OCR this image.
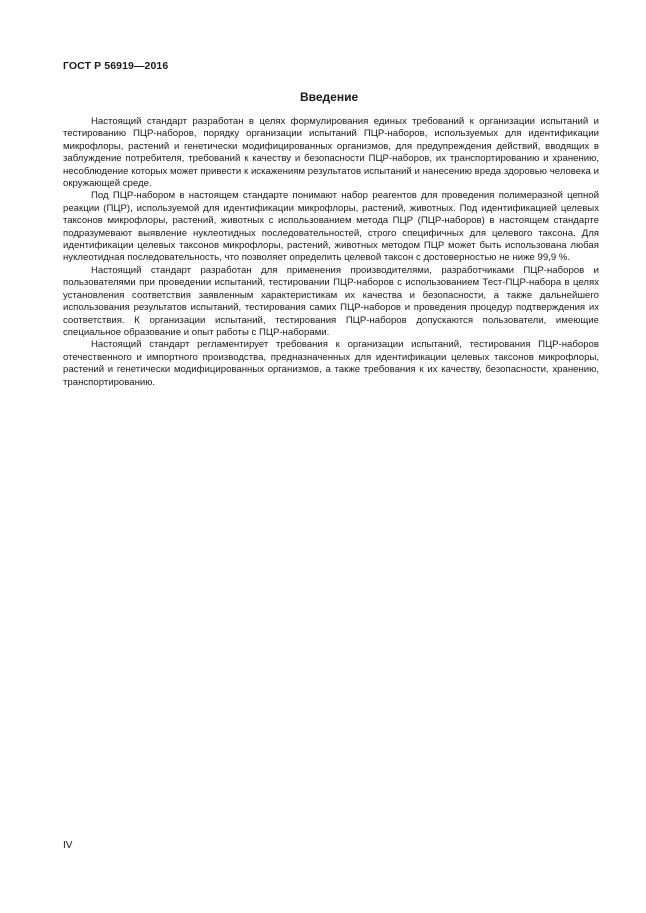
ГОСТ Р 56919—2016
Введение

Настоящий стандарт разработан в целях формулирования единых требований к организации испытаний и тестированию ПЦР-наборов, порядку организации испытаний ПЦР-наборов, используемых для идентификации микрофлоры, растений и генетически модифицированных организмов, для предупреждения действий, вводящих в заблуждение потребителя, требований к качеству и безопасности ПЦР-наборов, их транспортированию и хранению, несоблюдение которых может привести к искажениям результатов испытаний и нанесению вреда здоровью человека и окружающей среде.

Под ПЦР-набором в настоящем стандарте понимают набор реагентов для проведения полимеразной цепной реакции (ПЦР), используемой для идентификации микрофлоры, растений, животных. Под идентификацией целевых таксонов микрофлоры, растений, животных с использованием метода ПЦР (ПЦР-наборов) в настоящем стандарте подразумевают выявление нуклеотидных последовательностей, строго специфичных для целевого таксона. Для идентификации целевых таксонов микрофлоры, растений, животных методом ПЦР может быть использована любая нуклеотидная последовательность, что позволяет определить целевой таксон с достоверностью не ниже 99,9 %.

Настоящий стандарт разработан для применения производителями, разработчиками ПЦР-наборов и пользователями при проведении испытаний, тестировании ПЦР-наборов с использованием Тест-ПЦР-набора в целях установления соответствия заявленным характеристикам их качества и безопасности, а также дальнейшего использования результатов испытаний, тестирования самих ПЦР-наборов и проведения процедур подтверждения их соответствия. К организации испытаний, тестирования ПЦР-наборов допускаются пользователи, имеющие специальное образование и опыт работы с ПЦР-наборами.

Настоящий стандарт регламентирует требования к организации испытаний, тестирования ПЦР-наборов отечественного и импортного производства, предназначенных для идентификации целевых таксонов микрофлоры, растений и генетически модифицированных организмов, а также требования к их качеству, безопасности, хранению, транспортированию.

IV
